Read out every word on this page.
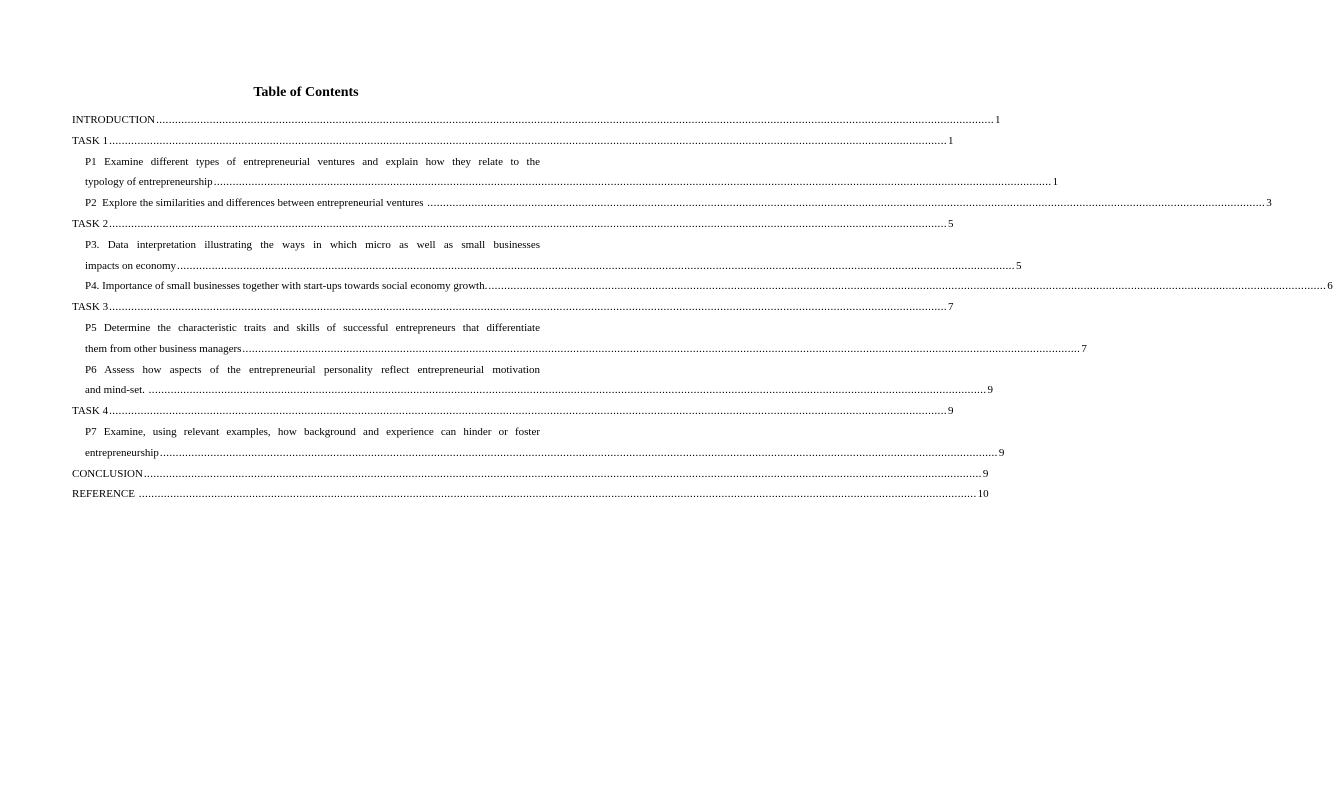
Table of Contents
INTRODUCTION .....	1
TASK 1 .....	1
P1 Examine different types of entrepreneurial ventures and explain how they relate to the
typology of entrepreneurship .....	1
P2  Explore the similarities and differences between entrepreneurial ventures .....	3
TASK 2 .....	5
P3. Data interpretation illustrating the ways in which micro as well as small businesses
impacts on economy .....	5
P4. Importance of small businesses together with start-ups towards social economy growth. .....	6
TASK 3 .....	7
P5 Determine the characteristic traits and skills of successful entrepreneurs that differentiate
them from other business managers .....	7
P6 Assess how aspects of the entrepreneurial personality reflect entrepreneurial motivation
and mind-set. .....	9
TASK 4 .....	9
P7 Examine, using relevant examples, how background and experience can hinder or foster
entrepreneurship .....	9
CONCLUSION .....	9
REFERENCE .....	10
